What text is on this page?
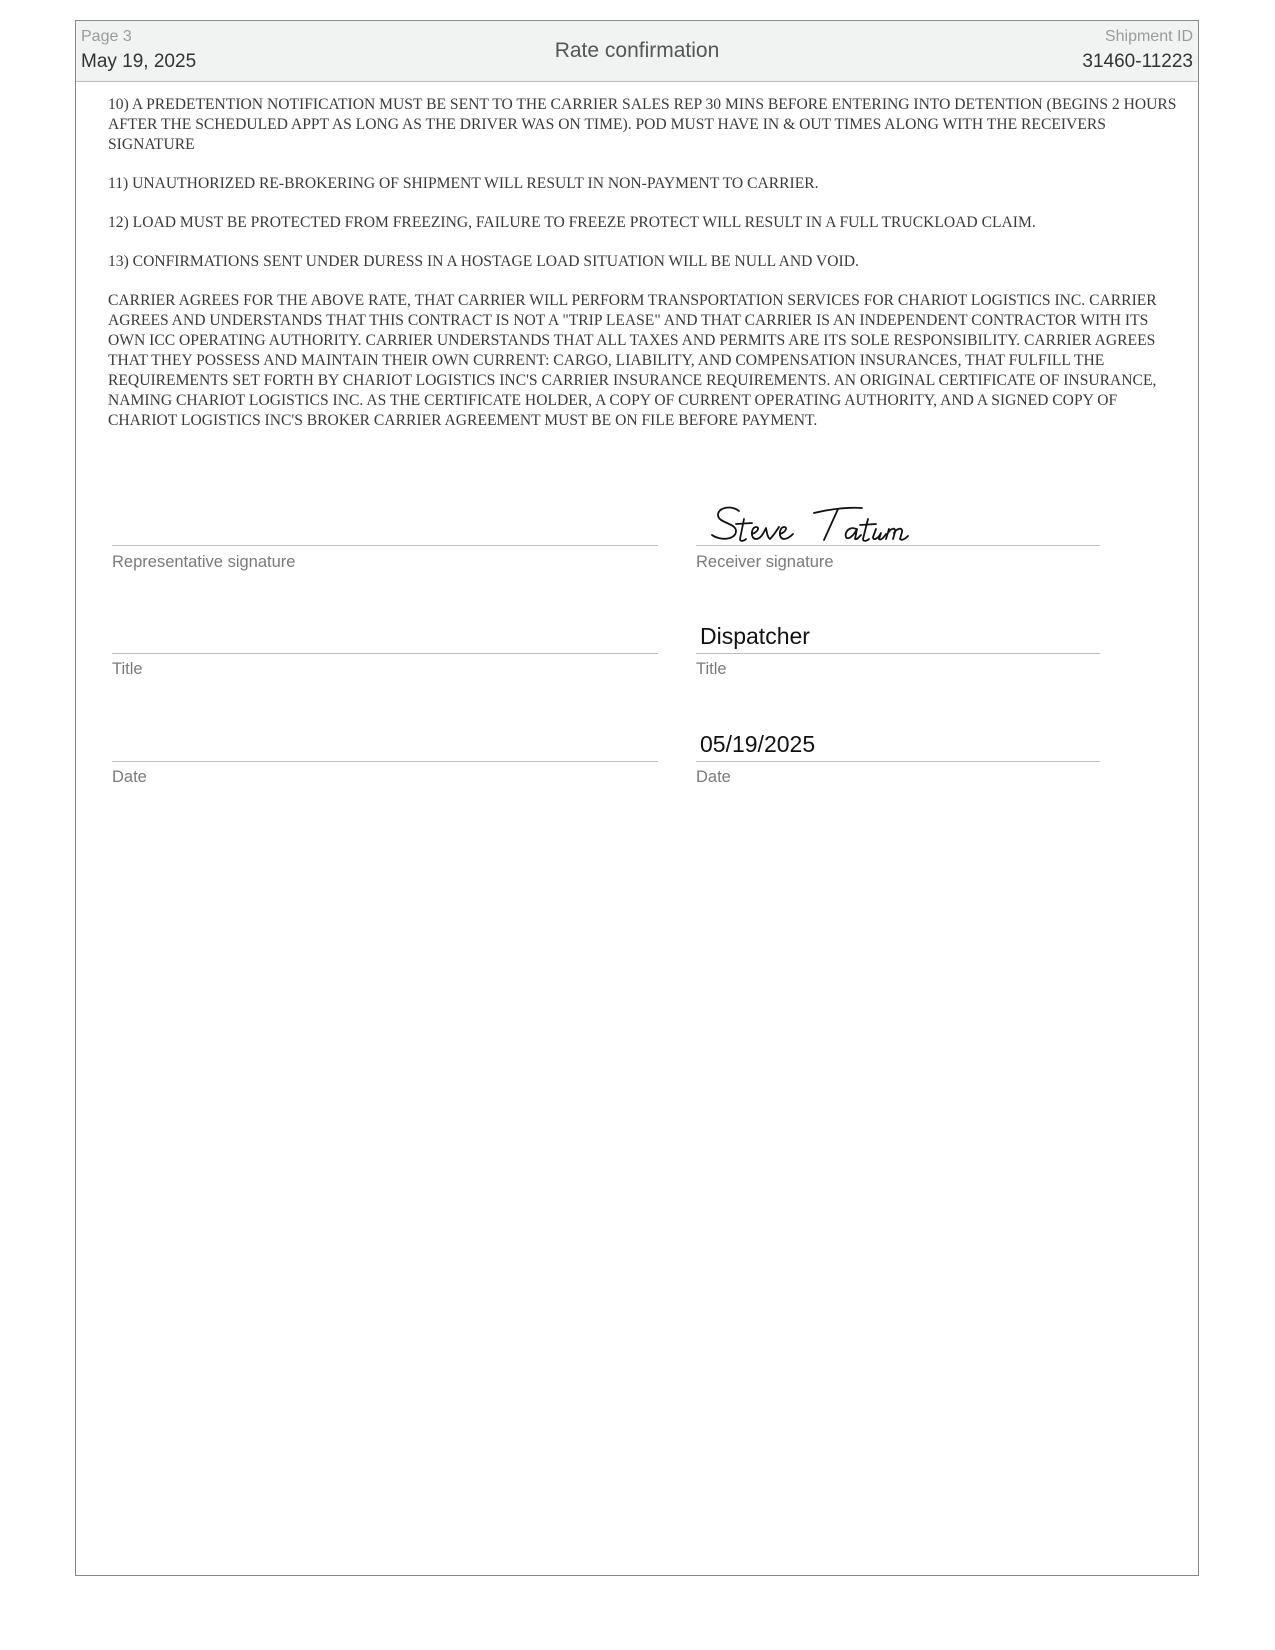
Page 3
May 19, 2025	Rate confirmation
Shipment ID
31460-11223

10) A PREDETENTION NOTIFICATION MUST BE SENT TO THE CARRIER SALES REP 30 MINS BEFORE ENTERING INTO DETENTION (BEGINS 2 HOURS AFTER THE SCHEDULED APPT AS LONG AS THE DRIVER WAS ON TIME). POD MUST HAVE IN & OUT TIMES ALONG WITH THE RECEIVERS SIGNATURE

11) UNAUTHORIZED RE-BROKERING OF SHIPMENT WILL RESULT IN NON-PAYMENT TO CARRIER.

12) LOAD MUST BE PROTECTED FROM FREEZING, FAILURE TO FREEZE PROTECT WILL RESULT IN A FULL TRUCKLOAD CLAIM.

13) CONFIRMATIONS SENT UNDER DURESS IN A HOSTAGE LOAD SITUATION WILL BE NULL AND VOID.

CARRIER AGREES FOR THE ABOVE RATE, THAT CARRIER WILL PERFORM TRANSPORTATION SERVICES FOR CHARIOT LOGISTICS INC. CARRIER AGREES AND UNDERSTANDS THAT THIS CONTRACT IS NOT A "TRIP LEASE" AND THAT CARRIER IS AN INDEPENDENT CONTRACTOR WITH ITS OWN ICC OPERATING AUTHORITY. CARRIER UNDERSTANDS THAT ALL TAXES AND PERMITS ARE ITS SOLE RESPONSIBILITY. CARRIER AGREES THAT THEY POSSESS AND MAINTAIN THEIR OWN CURRENT: CARGO, LIABILITY, AND COMPENSATION INSURANCES, THAT FULFILL THE REQUIREMENTS SET FORTH BY CHARIOT LOGISTICS INC'S CARRIER INSURANCE REQUIREMENTS. AN ORIGINAL CERTIFICATE OF INSURANCE, NAMING CHARIOT LOGISTICS INC. AS THE CERTIFICATE HOLDER, A COPY OF CURRENT OPERATING AUTHORITY, AND A SIGNED COPY OF CHARIOT LOGISTICS INC'S BROKER CARRIER AGREEMENT MUST BE ON FILE BEFORE PAYMENT.

Representative signature	Receiver signature
Title
Dispatcher
Title
Date
05/19/2025
Date
